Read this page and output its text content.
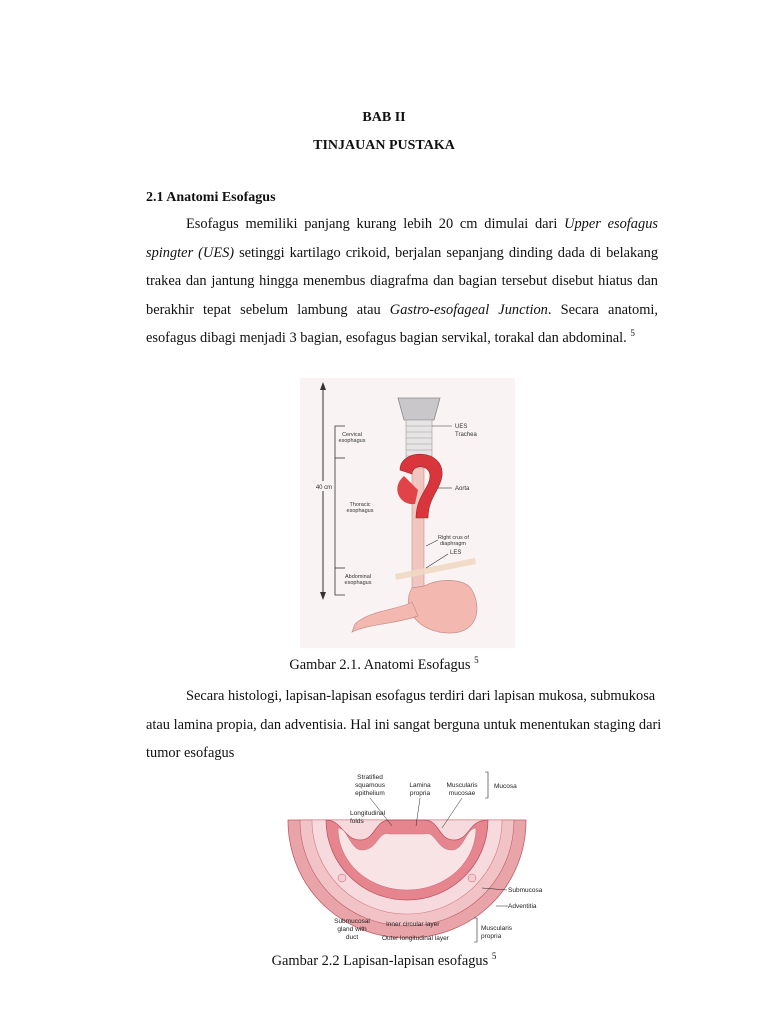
BAB II
TINJAUAN PUSTAKA
2.1 Anatomi Esofagus
Esofagus memiliki panjang kurang lebih 20 cm dimulai dari Upper esofagus spingter (UES) setinggi kartilago crikoid, berjalan sepanjang dinding dada di belakang trakea dan jantung hingga menembus diagrafma dan bagian tersebut disebut hiatus dan berakhir tepat sebelum lambung atau Gastro-esofageal Junction. Secara anatomi, esofagus dibagi menjadi 3 bagian, esofagus bagian servikal, torakal dan abdominal. $^5$
40 cm
Cervical
esophagus
Thoracic
esophagus
Abdominal
esophagus
UES
Trachea
Aorta
Right crus of
diaphragm
LES
Gambar 2.1. Anatomi Esofagus $^5$
Secara histologi, lapisan-lapisan esofagus terdiri dari lapisan mukosa, submukosa atau lamina propia, dan adventisia. Hal ini sangat berguna untuk menentukan staging dari tumor esofagus
Stratified
squamous
epithelium
Lamina
propria
Muscularis
mucosae
Mucosa
Longitudinal
folds
Submucosa
Adventitia
Submucosal
gland with
duct
Inner circular layer
Outer longitudinal layer
Muscularis
propria
Gambar 2.2 Lapisan-lapisan esofagus $^5$
